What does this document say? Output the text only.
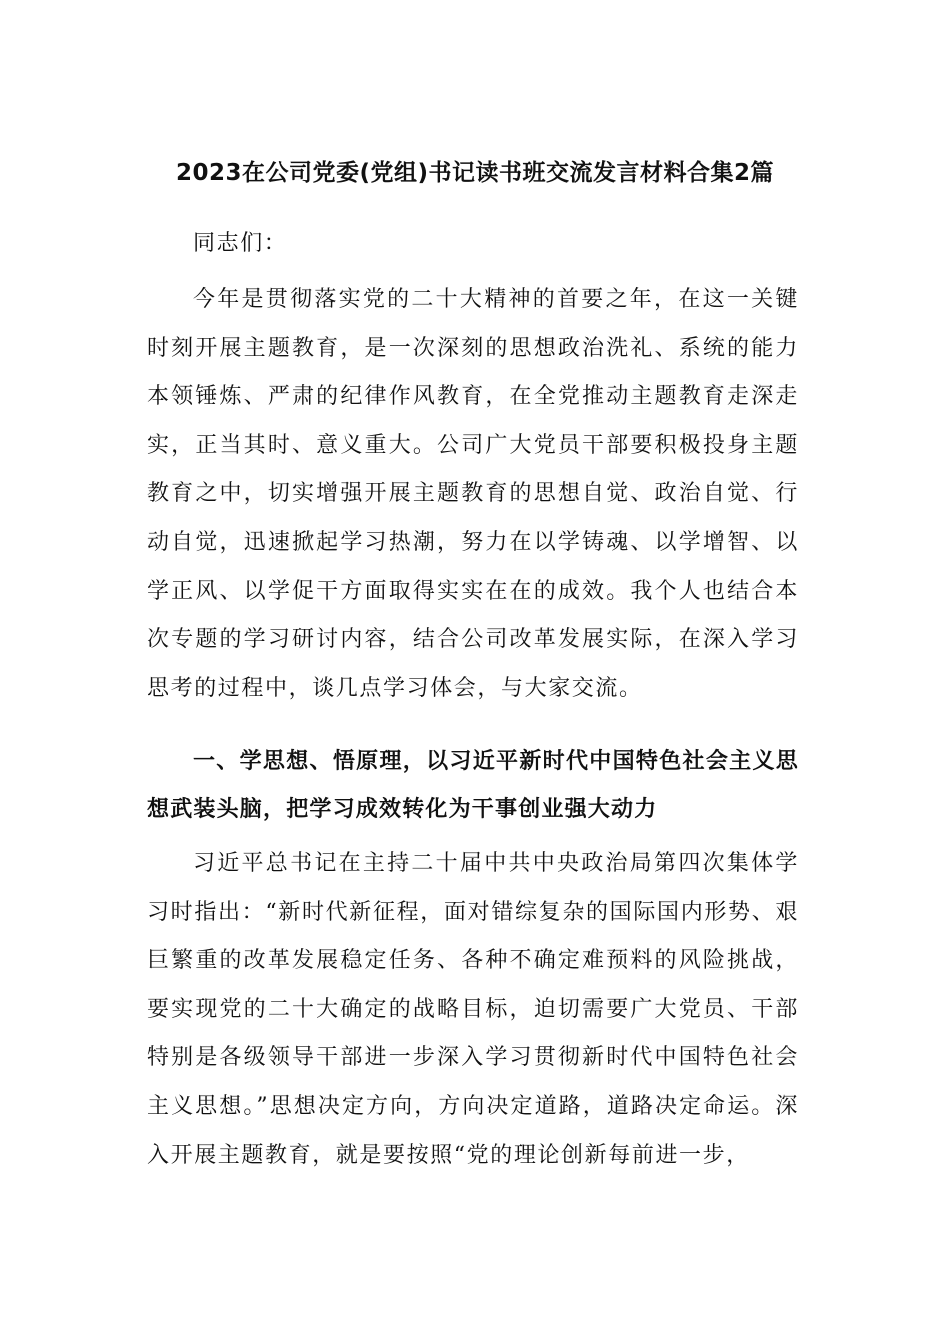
2023在公司党委(党组)书记读书班交流发言材料合集2篇

同志们：

今年是贯彻落实党的二十大精神的首要之年，在这一关键时刻开展主题教育，是一次深刻的思想政治洗礼、系统的能力本领锤炼、严肃的纪律作风教育，在全党推动主题教育走深走实，正当其时、意义重大。公司广大党员干部要积极投身主题教育之中，切实增强开展主题教育的思想自觉、政治自觉、行动自觉，迅速掀起学习热潮，努力在以学铸魂、以学增智、以学正风、以学促干方面取得实实在在的成效。我个人也结合本次专题的学习研讨内容，结合公司改革发展实际，在深入学习思考的过程中，谈几点学习体会，与大家交流。

一、学思想、悟原理，以习近平新时代中国特色社会主义思想武装头脑，把学习成效转化为干事创业强大动力

习近平总书记在主持二十届中共中央政治局第四次集体学习时指出：“新时代新征程，面对错综复杂的国际国内形势、艰巨繁重的改革发展稳定任务、各种不确定难预料的风险挑战，要实现党的二十大确定的战略目标，迫切需要广大党员、干部特别是各级领导干部进一步深入学习贯彻新时代中国特色社会主义思想。”思想决定方向，方向决定道路，道路决定命运。深入开展主题教育，就是要按照“党的理论创新每前进一步，
